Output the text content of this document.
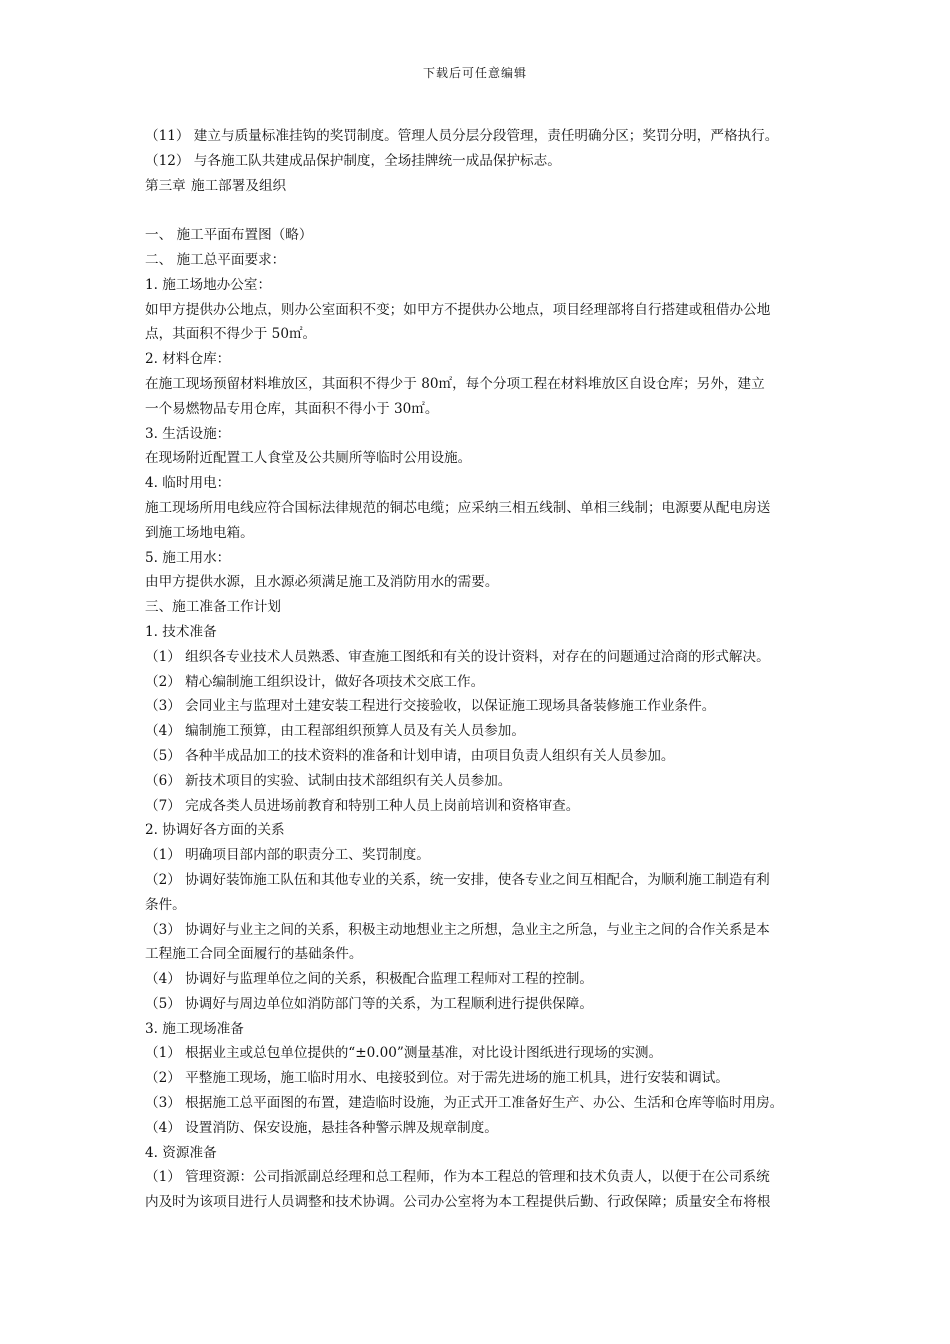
下载后可任意编辑
（11） 建立与质量标准挂钩的奖罚制度。管理人员分层分段管理，责任明确分区；奖罚分明，严格执行。
（12） 与各施工队共建成品保护制度，全场挂牌统一成品保护标志。
第三章 施工部署及组织
一、 施工平面布置图（略）
二、 施工总平面要求：
1. 施工场地办公室：
如甲方提供办公地点，则办公室面积不变；如甲方不提供办公地点，项目经理部将自行搭建或租借办公地
点，其面积不得少于 50㎡。
2. 材料仓库：
在施工现场预留材料堆放区，其面积不得少于 80㎡，每个分项工程在材料堆放区自设仓库；另外，建立
一个易燃物品专用仓库，其面积不得小于 30㎡。
3. 生活设施：
在现场附近配置工人食堂及公共厕所等临时公用设施。
4. 临时用电：
施工现场所用电线应符合国标法律规范的铜芯电缆；应采纳三相五线制、单相三线制；电源要从配电房送
到施工场地电箱。
5. 施工用水：
由甲方提供水源，且水源必须满足施工及消防用水的需要。
三、施工准备工作计划
1. 技术准备
（1） 组织各专业技术人员熟悉、审查施工图纸和有关的设计资料，对存在的问题通过洽商的形式解决。
（2） 精心编制施工组织设计，做好各项技术交底工作。
（3） 会同业主与监理对土建安装工程进行交接验收，以保证施工现场具备装修施工作业条件。
（4） 编制施工预算，由工程部组织预算人员及有关人员参加。
（5） 各种半成品加工的技术资料的准备和计划申请，由项目负责人组织有关人员参加。
（6） 新技术项目的实验、试制由技术部组织有关人员参加。
（7） 完成各类人员进场前教育和特别工种人员上岗前培训和资格审查。
2. 协调好各方面的关系
（1） 明确项目部内部的职责分工、奖罚制度。
（2） 协调好装饰施工队伍和其他专业的关系，统一安排，使各专业之间互相配合，为顺利施工制造有利
条件。
（3） 协调好与业主之间的关系，积极主动地想业主之所想，急业主之所急，与业主之间的合作关系是本
工程施工合同全面履行的基础条件。
（4） 协调好与监理单位之间的关系，积极配合监理工程师对工程的控制。
（5） 协调好与周边单位如消防部门等的关系，为工程顺利进行提供保障。
3. 施工现场准备
（1） 根据业主或总包单位提供的“±0.00”测量基准，对比设计图纸进行现场的实测。
（2） 平整施工现场，施工临时用水、电接驳到位。对于需先进场的施工机具，进行安装和调试。
（3） 根据施工总平面图的布置，建造临时设施，为正式开工准备好生产、办公、生活和仓库等临时用房。
（4） 设置消防、保安设施，悬挂各种警示牌及规章制度。
4. 资源准备
（1） 管理资源：公司指派副总经理和总工程师，作为本工程总的管理和技术负责人，以便于在公司系统
内及时为该项目进行人员调整和技术协调。公司办公室将为本工程提供后勤、行政保障；质量安全布将根
